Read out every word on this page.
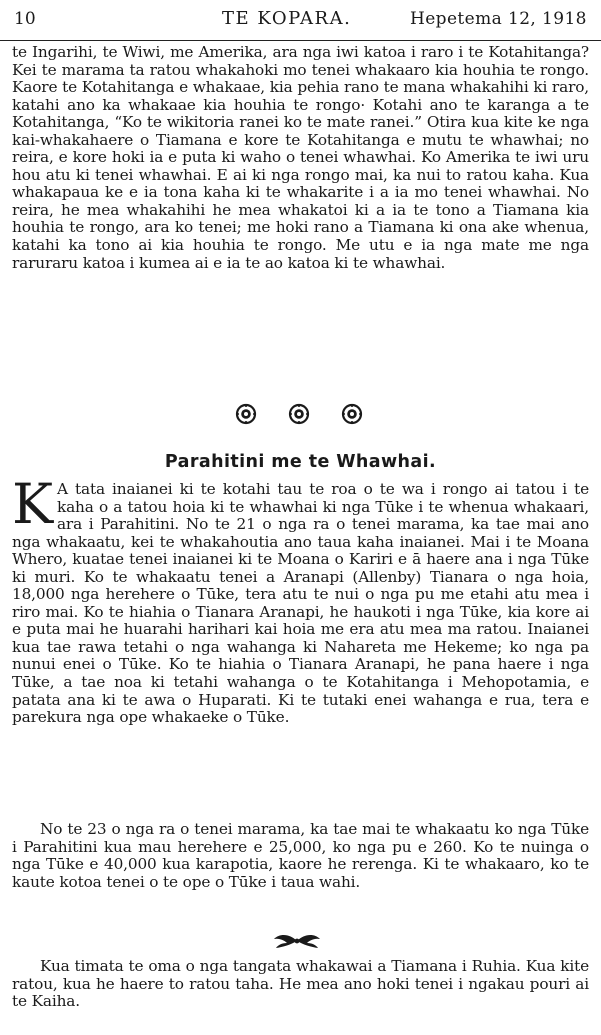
10	TE KOPARA.	Hepetema 12, 1918

te Ingarihi, te Wiwi, me Amerika, ara nga iwi katoa i raro i te Kotahitanga? Kei te marama ta ratou whakahoki mo tenei whakaaro kia houhia te rongo. Kaore te Kotahitanga e whakaae, kia pehia rano te mana whakahihi ki raro, katahi ano ka whakaae kia houhia te rongo· Kotahi ano te karanga a te Kotahitanga, “Ko te wikitoria ranei ko te mate ranei.” Otira kua kite ke nga kai-whakahaere o Tiamana e kore te Kotahitanga e mutu te whawhai; no reira, e kore hoki ia e puta ki waho o tenei whawhai. Ko Amerika te iwi uru hou atu ki tenei whawhai. E ai ki nga rongo mai, ka nui to ratou kaha. Kua whakapaua ke e ia tona kaha ki te whakarite i a ia mo tenei whawhai. No reira, he mea whakahihi he mea whakatoi ki a ia te tono a Tiamana kia houhia te rongo, ara ko tenei; me hoki rano a Tiamana ki ona ake whenua, katahi ka tono ai kia houhia te rongo. Me utu e ia nga mate me nga raruraru katoa i kumea ai e ia te ao katoa ki te whawhai.

Parahitini me te Whawhai.

K A tata inaianei ki te kotahi tau te roa o te wa i rongo ai tatou i te kaha o a tatou hoia ki te whawhai ki nga Tūke i te whenua whakaari, ara i Parahitini. No te 21 o nga ra o tenei marama, ka tae mai ano nga whakaatu, kei te whakahoutia ano taua kaha inaianei. Mai i te Moana Whero, kuatae tenei inaianei ki te Moana o Kariri e ā haere ana i nga Tūke ki muri. Ko te whakaatu tenei a Aranapi (Allenby) Tianara o nga hoia, 18,000 nga herehere o Tūke, tera atu te nui o nga pu me etahi atu mea i riro mai. Ko te hiahia o Tianara Aranapi, he haukoti i nga Tūke, kia kore ai e puta mai he huarahi harihari kai hoia me era atu mea ma ratou. Inaianei kua tae rawa tetahi o nga wahanga ki Nahareta me Hekeme; ko nga pa nunui enei o Tūke. Ko te hiahia o Tianara Aranapi, he pana haere i nga Tūke, a tae noa ki tetahi wahanga o te Kotahitanga i Mehopotamia, e patata ana ki te awa o Huparati. Ki te tutaki enei wahanga e rua, tera e parekura nga ope whakaeke o Tūke.

No te 23 o nga ra o tenei marama, ka tae mai te whakaatu ko nga Tūke i Parahitini kua mau herehere e 25,000, ko nga pu e 260. Ko te nuinga o nga Tūke e 40,000 kua karapotia, kaore he rerenga. Ki te whakaaro, ko te kaute kotoa tenei o te ope o Tūke i taua wahi.

Kua timata te oma o nga tangata whakawai a Tiamana i Ruhia. Kua kite ratou, kua he haere to ratou taha. He mea ano hoki tenei i ngakau pouri ai te Kaiha.
